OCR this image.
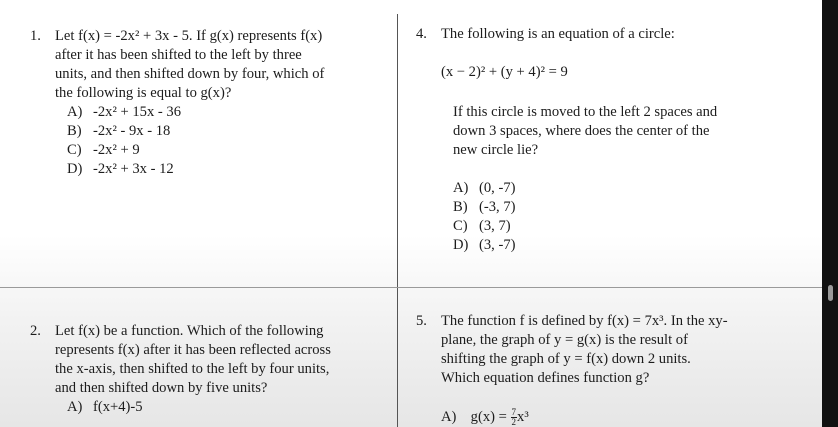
1. Let f(x) = -2x² + 3x - 5. If g(x) represents f(x)
after it has been shifted to the left by three
units, and then shifted down by four, which of
the following is equal to g(x)?
A) -2x² + 15x - 36
B) -2x² - 9x - 18
C) -2x² + 9
D) -2x² + 3x - 12
2. Let f(x) be a function. Which of the following
represents f(x) after it has been reflected across
the x-axis, then shifted to the left by four units,
and then shifted down by five units?
A) f(x+4)-5
4. The following is an equation of a circle:
(x − 2)² + (y + 4)² = 9
If this circle is moved to the left 2 spaces and
down 3 spaces, where does the center of the
new circle lie?
A) (0, -7)
B) (-3, 7)
C) (3, 7)
D) (3, -7)
5. The function f is defined by f(x) = 7x³. In the xy-
plane, the graph of y = g(x) is the result of
shifting the graph of y = f(x) down 2 units.
Which equation defines function g?
A) $g(x) = \frac{7}{2} x^3$
